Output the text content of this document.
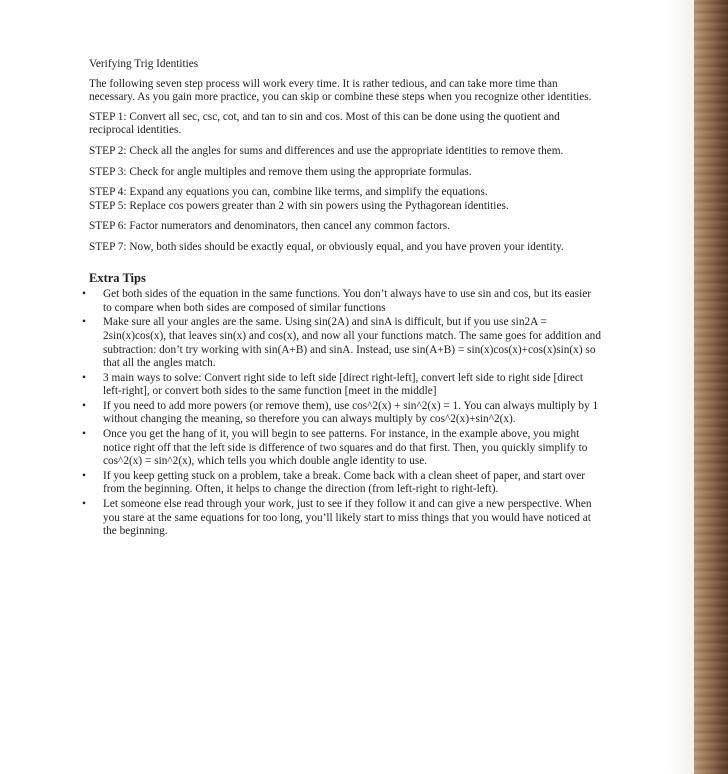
Verifying Trig Identities
The following seven step process will work every time. It is rather tedious, and can take more time than necessary. As you gain more practice, you can skip or combine these steps when you recognize other identities.
STEP 1: Convert all sec, csc, cot, and tan to sin and cos. Most of this can be done using the quotient and reciprocal identities.
STEP 2: Check all the angles for sums and differences and use the appropriate identities to remove them.
STEP 3: Check for angle multiples and remove them using the appropriate formulas.
STEP 4: Expand any equations you can, combine like terms, and simplify the equations.
STEP 5: Replace cos powers greater than 2 with sin powers using the Pythagorean identities.
STEP 6: Factor numerators and denominators, then cancel any common factors.
STEP 7: Now, both sides should be exactly equal, or obviously equal, and you have proven your identity.
Extra Tips
• Get both sides of the equation in the same functions. You don’t always have to use sin and cos, but its easier to compare when both sides are composed of similar functions
• Make sure all your angles are the same. Using sin(2A) and sinA is difficult, but if you use sin2A = 2sin(x)cos(x), that leaves sin(x) and cos(x), and now all your functions match. The same goes for addition and subtraction: don’t try working with sin(A+B) and sinA. Instead, use sin(A+B) = sin(x)cos(x)+cos(x)sin(x) so that all the angles match.
• 3 main ways to solve: Convert right side to left side [direct right-left], convert left side to right side [direct left-right], or convert both sides to the same function [meet in the middle]
• If you need to add more powers (or remove them), use cos^2(x) + sin^2(x) = 1. You can always multiply by 1 without changing the meaning, so therefore you can always multiply by cos^2(x)+sin^2(x).
• Once you get the hang of it, you will begin to see patterns. For instance, in the example above, you might notice right off that the left side is difference of two squares and do that first. Then, you quickly simplify to cos^2(x) = sin^2(x), which tells you which double angle identity to use.
• If you keep getting stuck on a problem, take a break. Come back with a clean sheet of paper, and start over from the beginning. Often, it helps to change the direction (from left-right to right-left).
• Let someone else read through your work, just to see if they follow it and can give a new perspective. When you stare at the same equations for too long, you’ll likely start to miss things that you would have noticed at the beginning.
